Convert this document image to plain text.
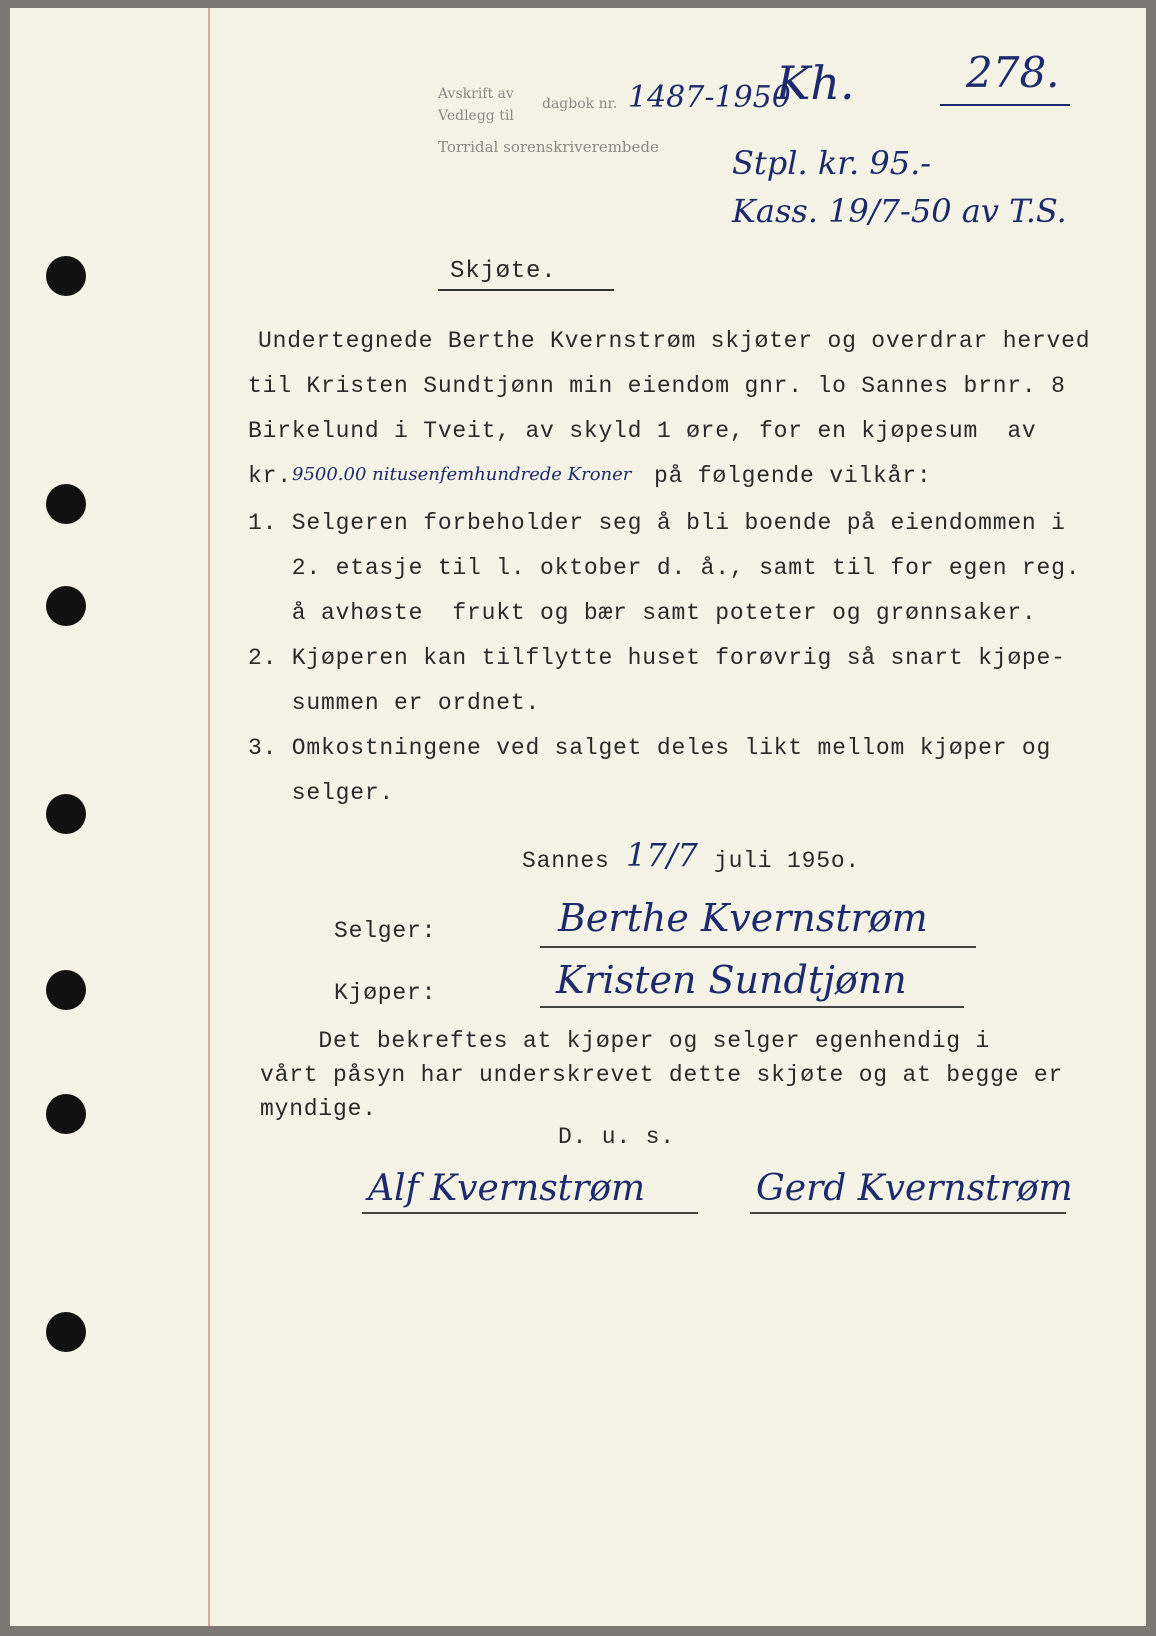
Avskrift av
Vedlegg til
dagbok nr.
Torridal sorenskriverembede
1487-1950
Kh.	278.
Stpl. kr. 95.-
Kass. 19/7-50 av T.S.
Skjøte.
Undertegnede Berthe Kvernstrøm skjøter og overdrar herved
til Kristen Sundtjønn min eiendom gnr. lo Sannes brnr. 8
Birkelund i Tveit, av skyld 1 øre, for en kjøpesum  av
kr. 9500.00 nitusenfemhundrede Kroner på følgende vilkår:
1. Selgeren forbeholder seg å bli boende på eiendommen i
2. etasje til l. oktober d. å., samt til for egen reg.
å avhøste  frukt og bær samt poteter og grønnsaker.
2. Kjøperen kan tilflytte huset forøvrig så snart kjøpe-
summen er ordnet.
3. Omkostningene ved salget deles likt mellom kjøper og
selger.
Sannes 17/7 juli 195o.
Selger:	Berthe Kvernstrøm
Kjøper:	Kristen Sundtjønn
Det bekreftes at kjøper og selger egenhendig i
vårt påsyn har underskrevet dette skjøte og at begge er
myndige.
D. u. s.
Alf Kvernstrøm	Gerd Kvernstrøm
